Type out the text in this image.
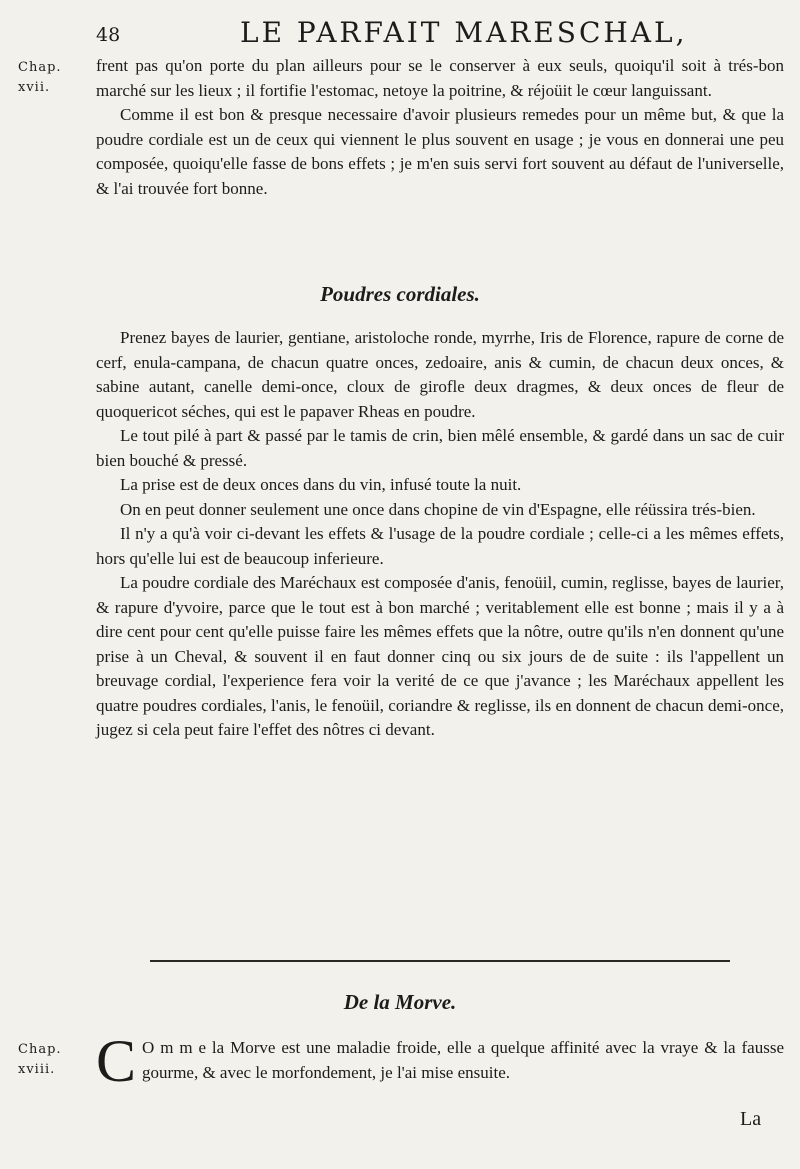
48	LE PARFAIT MARESCHAL,
Chap.
xvii.

frent pas qu'on porte du plan ailleurs pour se le conserver à eux seuls, quoiqu'il soit à trés-bon marché sur les lieux ; il fortifie l'estomac, netoye la poitrine, & réjoüit le cœur languissant.

Comme il est bon & presque necessaire d'avoir plusieurs remedes pour un même but, & que la poudre cordiale est un de ceux qui viennent le plus souvent en usage ; je vous en donnerai une peu composée, quoiqu'elle fasse de bons effets ; je m'en suis servi fort souvent au défaut de l'universelle, & l'ai trouvée fort bonne.

Poudres cordiales.

Prenez bayes de laurier, gentiane, aristoloche ronde, myrrhe, Iris de Florence, rapure de corne de cerf, enula-campana, de chacun quatre onces, zedoaire, anis & cumin, de chacun deux onces, & sabine autant, canelle demi-once, cloux de girofle deux dragmes, & deux onces de fleur de quoquericot séches, qui est le papaver Rheas en poudre.

Le tout pilé à part & passé par le tamis de crin, bien mêlé ensemble, & gardé dans un sac de cuir bien bouché & pressé.

La prise est de deux onces dans du vin, infusé toute la nuit.

On en peut donner seulement une once dans chopine de vin d'Espagne, elle réüssira trés-bien.

Il n'y a qu'à voir ci-devant les effets & l'usage de la poudre cordiale ; celle-ci a les mêmes effets, hors qu'elle lui est de beaucoup inferieure.

La poudre cordiale des Maréchaux est composée d'anis, fenoüil, cumin, reglisse, bayes de laurier, & rapure d'yvoire, parce que le tout est à bon marché ; veritablement elle est bonne ; mais il y a à dire cent pour cent qu'elle puisse faire les mêmes effets que la nôtre, outre qu'ils n'en donnent qu'une prise à un Cheval, & souvent il en faut donner cinq ou six jours de de suite : ils l'appellent un breuvage cordial, l'experience fera voir la verité de ce que j'avance ; les Maréchaux appellent les quatre poudres cordiales, l'anis, le fenoüil, coriandre & reglisse, ils en donnent de chacun demi-once, jugez si cela peut faire l'effet des nôtres ci devant.

De la Morve.
Chap.
xviii. C O m m e la Morve est une maladie froide, elle a quelque affinité avec la vraye & la fausse gourme, & avec le morfondement, je l'ai mise ensuite.

La
